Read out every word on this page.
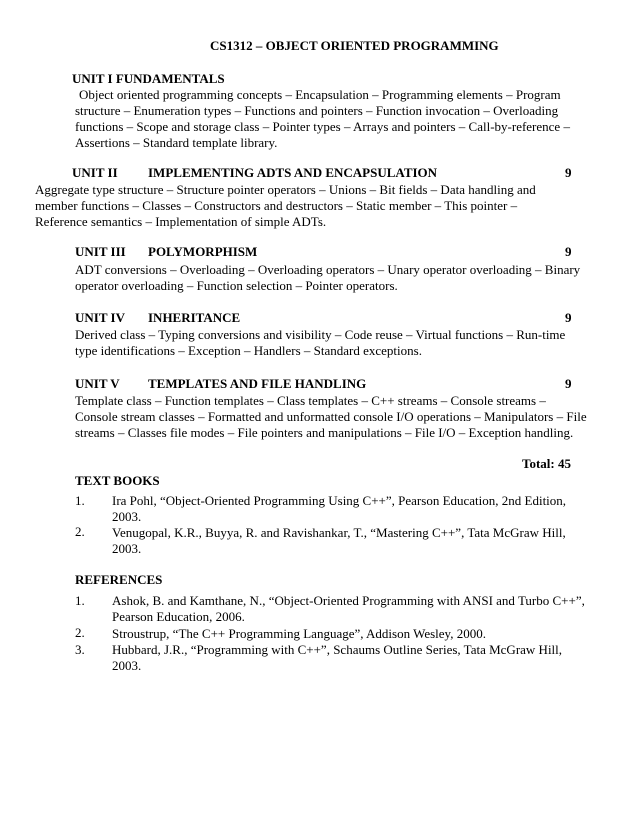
CS1312 – OBJECT ORIENTED PROGRAMMING
UNIT I FUNDAMENTALS
Object oriented programming concepts – Encapsulation – Programming elements – Program
structure – Enumeration types – Functions and pointers – Function invocation – Overloading
functions – Scope and storage class – Pointer types – Arrays and pointers – Call-by-reference –
Assertions – Standard template library.
UNIT II IMPLEMENTING ADTS AND ENCAPSULATION	9
Aggregate type structure – Structure pointer operators – Unions – Bit fields – Data handling and
member functions – Classes – Constructors and destructors – Static member – This pointer –
Reference semantics – Implementation of simple ADTs.
UNIT III POLYMORPHISM	9
ADT conversions – Overloading – Overloading operators – Unary operator overloading – Binary
operator overloading – Function selection – Pointer operators.
UNIT IV INHERITANCE	9
Derived class – Typing conversions and visibility – Code reuse – Virtual functions – Run-time
type identifications – Exception – Handlers – Standard exceptions.
UNIT V TEMPLATES AND FILE HANDLING	9
Template class – Function templates – Class templates – C++ streams – Console streams –
Console stream classes – Formatted and unformatted console I/O operations – Manipulators – File
streams – Classes file modes – File pointers and manipulations – File I/O – Exception handling.
Total: 45
TEXT BOOKS
1. Ira Pohl, “Object-Oriented Programming Using C++”, Pearson Education, 2nd Edition,
2003.
2. Venugopal, K.R., Buyya, R. and Ravishankar, T., “Mastering C++”, Tata McGraw Hill,
2003.
REFERENCES
1. Ashok, B. and Kamthane, N., “Object-Oriented Programming with ANSI and Turbo C++”,
Pearson Education, 2006.
2. Stroustrup, “The C++ Programming Language”, Addison Wesley, 2000.
3. Hubbard, J.R., “Programming with C++”, Schaums Outline Series, Tata McGraw Hill,
2003.
